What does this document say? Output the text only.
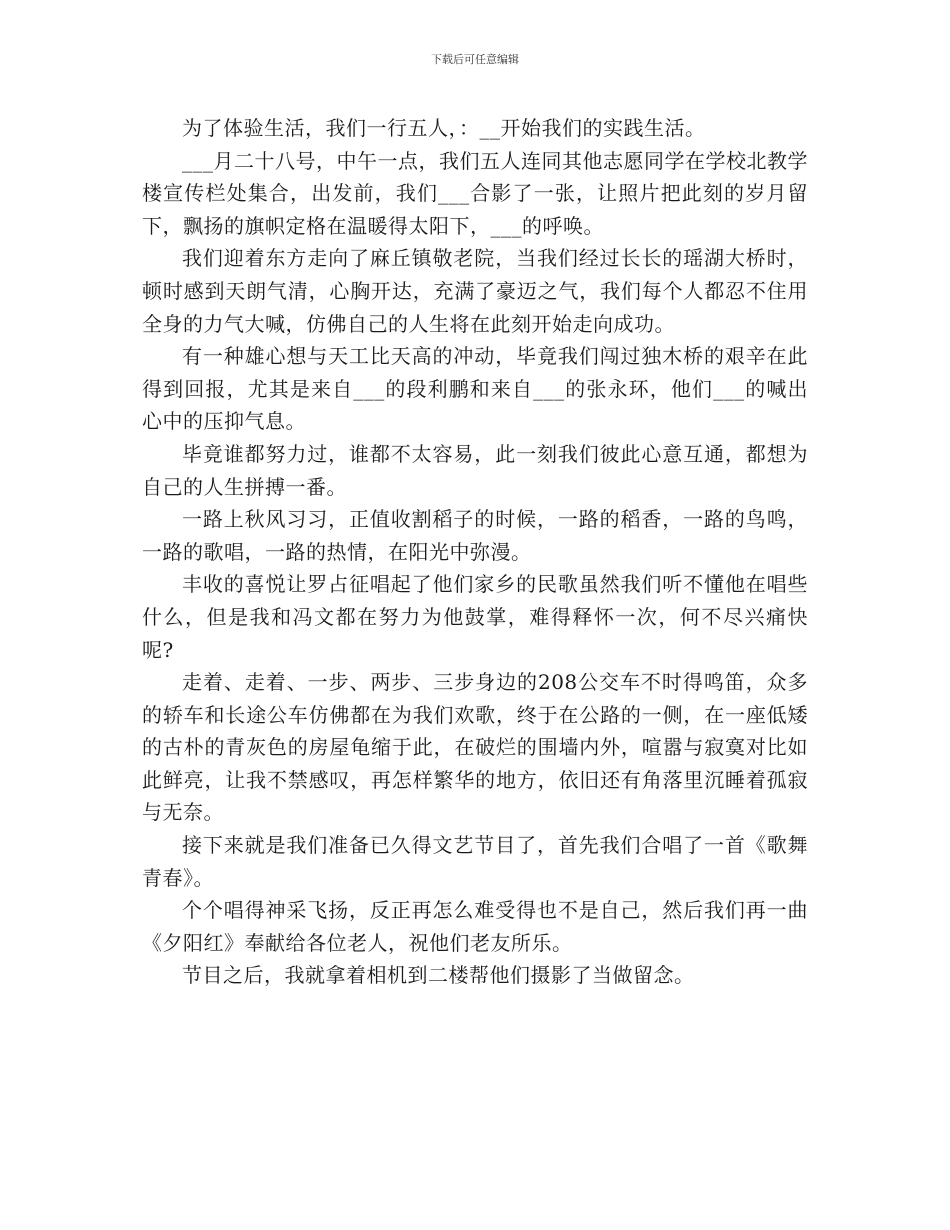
下载后可任意编辑

为了体验生活，我们一行五人，：__开始我们的实践生活。

___月二十八号，中午一点，我们五人连同其他志愿同学在学校北教学楼宣传栏处集合，出发前，我们___合影了一张，让照片把此刻的岁月留下，飘扬的旗帜定格在温暖得太阳下，___的呼唤。

我们迎着东方走向了麻丘镇敬老院，当我们经过长长的瑶湖大桥时，顿时感到天朗气清，心胸开达，充满了豪迈之气，我们每个人都忍不住用全身的力气大喊，仿佛自己的人生将在此刻开始走向成功。

有一种雄心想与天工比天高的冲动，毕竟我们闯过独木桥的艰辛在此得到回报，尤其是来自___的段利鹏和来自___的张永环，他们___的喊出心中的压抑气息。

毕竟谁都努力过，谁都不太容易，此一刻我们彼此心意互通，都想为自己的人生拼搏一番。

一路上秋风习习，正值收割稻子的时候，一路的稻香，一路的鸟鸣，一路的歌唱，一路的热情，在阳光中弥漫。

丰收的喜悦让罗占征唱起了他们家乡的民歌虽然我们听不懂他在唱些什么，但是我和冯文都在努力为他鼓掌，难得释怀一次，何不尽兴痛快呢?

走着、走着、一步、两步、三步身边的208公交车不时得鸣笛，众多的轿车和长途公车仿佛都在为我们欢歌，终于在公路的一侧，在一座低矮的古朴的青灰色的房屋龟缩于此，在破烂的围墙内外，喧嚣与寂寞对比如此鲜亮，让我不禁感叹，再怎样繁华的地方，依旧还有角落里沉睡着孤寂与无奈。

接下来就是我们准备已久得文艺节目了，首先我们合唱了一首《歌舞青春》。

个个唱得神采飞扬，反正再怎么难受得也不是自己，然后我们再一曲《夕阳红》奉献给各位老人，祝他们老友所乐。

节目之后，我就拿着相机到二楼帮他们摄影了当做留念。
